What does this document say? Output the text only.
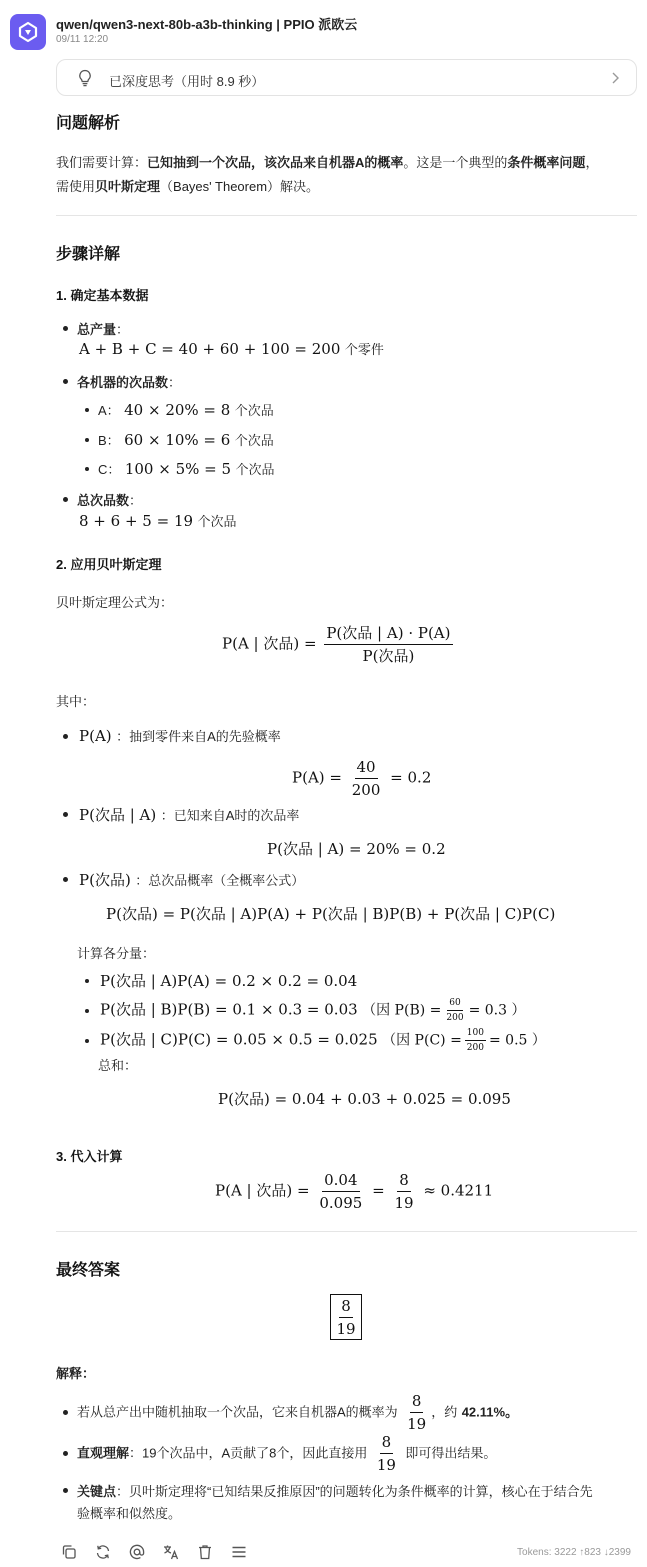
qwen/qwen3-next-80b-a3b-thinking | PPIO 派欧云
09/11 12:20
已深度思考（用时 8.9 秒）
问题解析
我们需要计算：已知抽到一个次品，该次品来自机器A的概率。这是一个典型的条件概率问题，
需使用贝叶斯定理（Bayes' Theorem）解决。
步骤详解
1. 确定基本数据
总产量：
A + B + C = 40 + 60 + 100 = 200 个零件
各机器的次品数：
A： 40 × 20% = 8 个次品
B： 60 × 10% = 6 个次品
C： 100 × 5% = 5 个次品
总次品数：
8 + 6 + 5 = 19 个次品
2. 应用贝叶斯定理
贝叶斯定理公式为：
P(A | 次品) = $\frac{\text{P(次品 | A) · P(A)}}{\text{P(次品)}}$
其中：
P(A) ：抽到零件来自A的先验概率
$P(A) = \frac{40}{200} = 0.2$
P(次品 | A) ：已知来自A时的次品率
P(次品 | A) = 20% = 0.2
P(次品) ：总次品概率（全概率公式）
P(次品) = P(次品 | A)P(A) + P(次品 | B)P(B) + P(次品 | C)P(C)
计算各分量：
P(次品 | A)P(A) = 0.2 × 0.2 = 0.04
P(次品 | B)P(B) = 0.1 × 0.3 = 0.03 （因 $P(B) = \frac{60}{200} = 0.3$ ）
P(次品 | C)P(C) = 0.05 × 0.5 = 0.025 （因 $P(C) = \frac{100}{200} = 0.5$ ）
总和：
P(次品) = 0.04 + 0.03 + 0.025 = 0.095
3. 代入计算
P(A | 次品) = $\frac{0.04}{0.095} = \frac{8}{19} \approx 0.4211$
最终答案
$\frac{8}{19}$
解释：
若从总产出中随机抽取一个次品，它来自机器A的概率为 $\frac{8}{19}$ ，约 42.11%。
直观理解：19个次品中，A贡献了8个，因此直接用 $\frac{8}{19}$ 即可得出结果。
关键点：贝叶斯定理将“已知结果反推原因”的问题转化为条件概率的计算，核心在于结合先
验概率和似然度。
Tokens: 3222 ↑823 ↓2399
